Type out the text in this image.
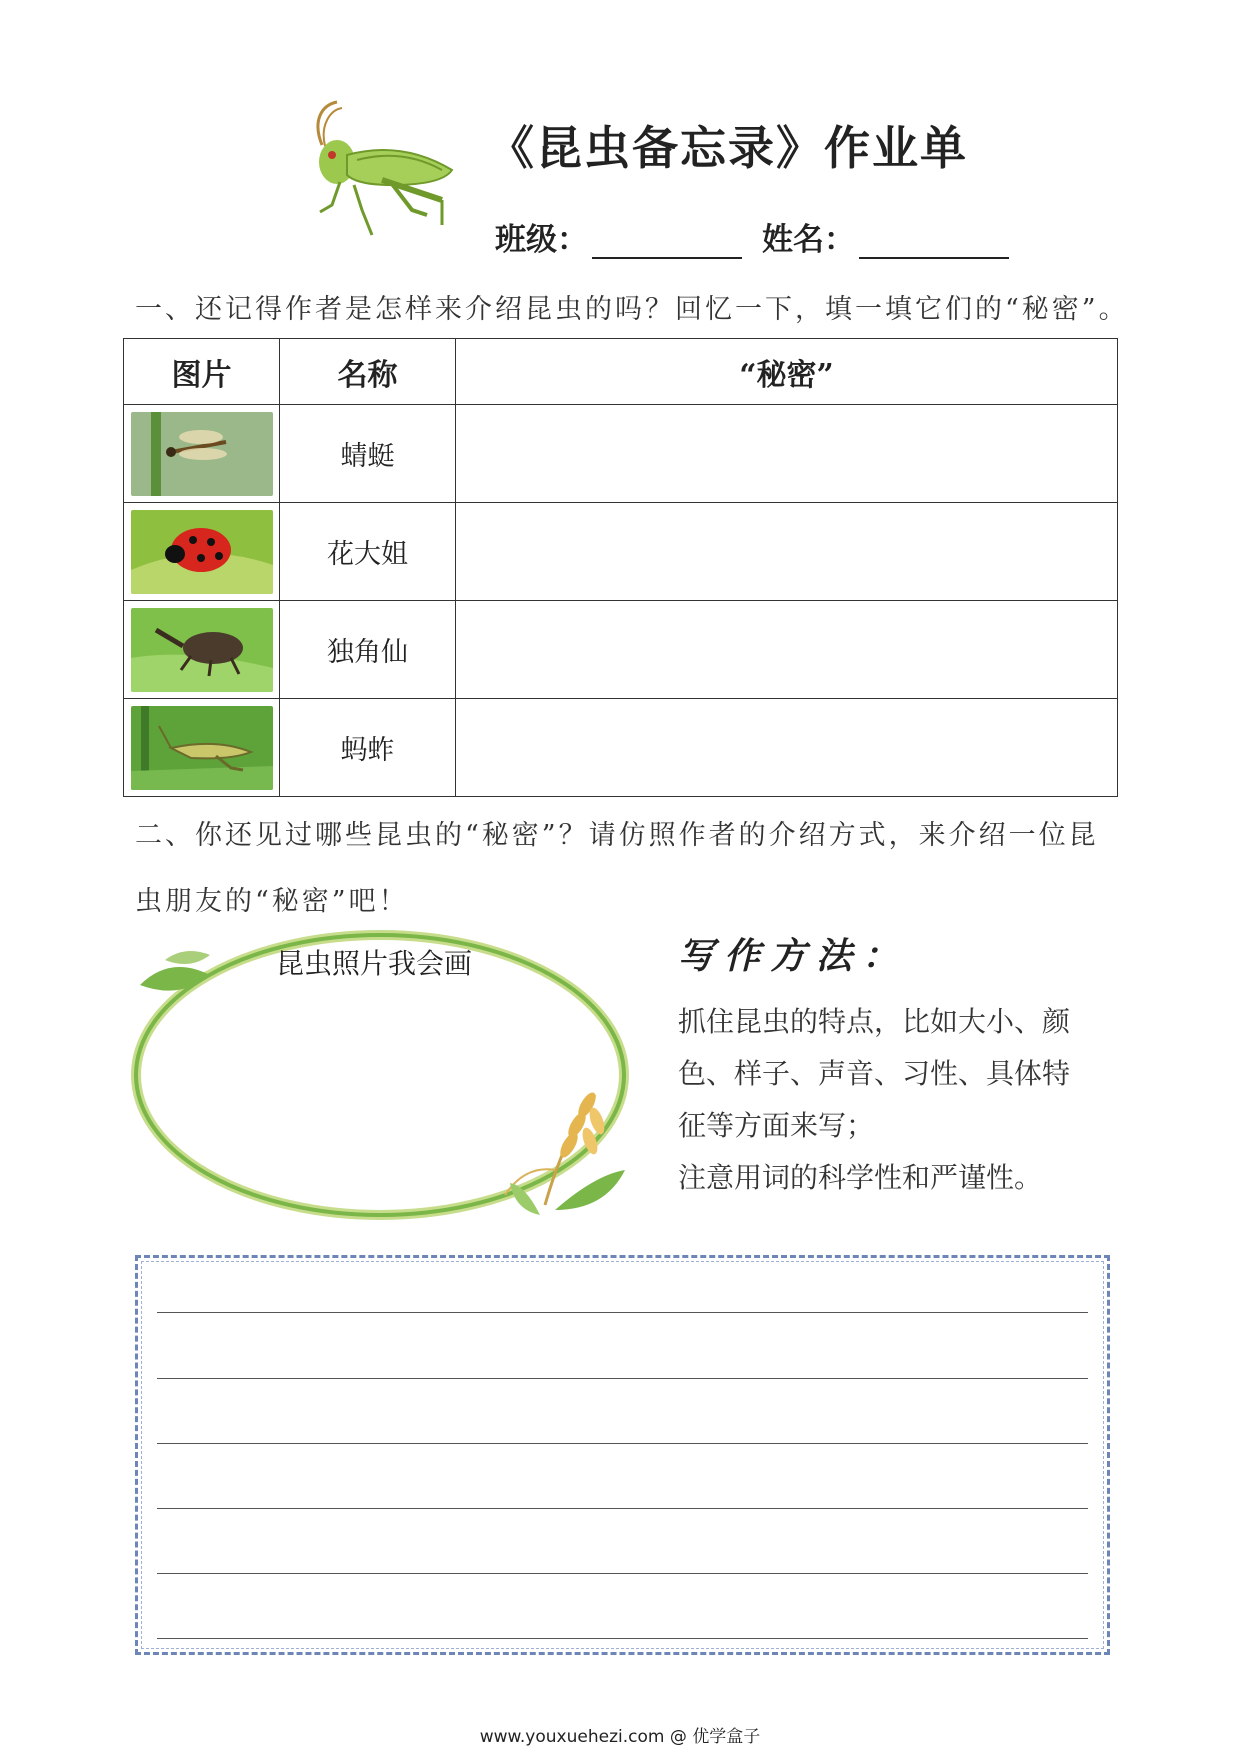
《昆虫备忘录》作业单
班级：	姓名：
一、还记得作者是怎样来介绍昆虫的吗？回忆一下，填一填它们的“秘密”。
图片	名称	“秘密”

	蜻蜓	

	花大姐	

	独角仙	

	蚂蚱	
二、你还见过哪些昆虫的“秘密”？请仿照作者的介绍方式，来介绍一位昆
虫朋友的“秘密”吧！
昆虫照片我会画	写作方法：
抓住昆虫的特点，比如大小、颜
色、样子、声音、习性、具体特
征等方面来写；
注意用词的科学性和严谨性。
www.youxuehezi.com @ 优学盒子
